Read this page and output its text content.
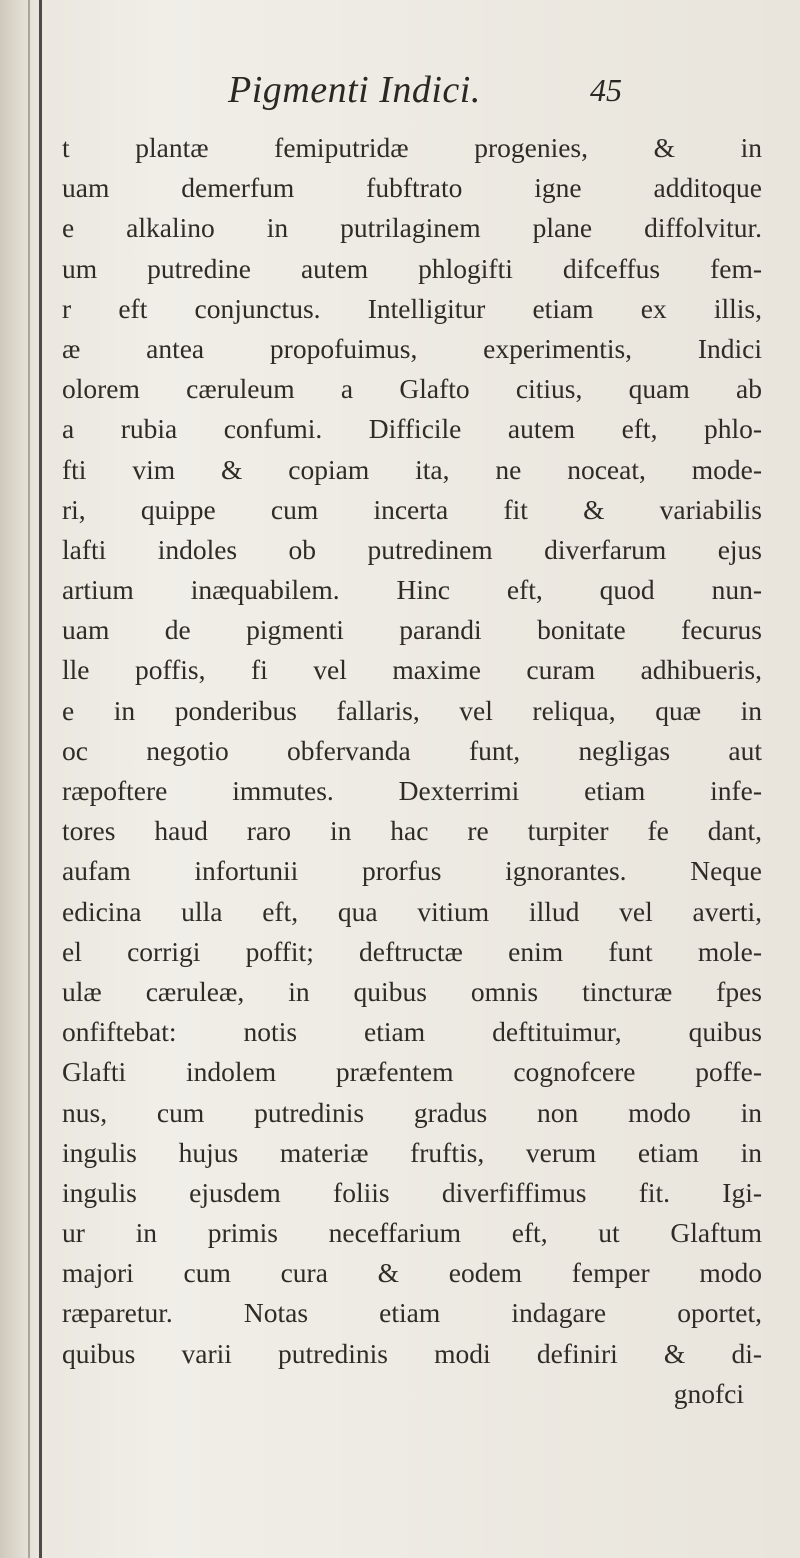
Pigmenti Indici.	45
t plantæ femiputridæ progenies, & in
uam demerfum fubftrato igne additoque
e alkalino in putrilaginem plane diffolvitur.
um putredine autem phlogifti difceffus fem-
r eft conjunctus. Intelligitur etiam ex illis,
æ antea propofuimus, experimentis, Indici
olorem cæruleum a Glafto citius, quam ab
a rubia confumi. Difficile autem eft, phlo-
fti vim & copiam ita, ne noceat, mode-
ri, quippe cum incerta fit & variabilis
lafti indoles ob putredinem diverfarum ejus
artium inæquabilem. Hinc eft, quod nun-
uam de pigmenti parandi bonitate fecurus
lle poffis, fi vel maxime curam adhibueris,
e in ponderibus fallaris, vel reliqua, quæ in
oc negotio obfervanda funt, negligas aut
ræpoftere immutes. Dexterrimi etiam infe-
tores haud raro in hac re turpiter fe dant,
aufam infortunii prorfus ignorantes. Neque
edicina ulla eft, qua vitium illud vel averti,
el corrigi poffit; deftructæ enim funt mole-
ulæ cæruleæ, in quibus omnis tincturæ fpes
onfiftebat: notis etiam deftituimur, quibus
Glafti indolem præfentem cognofcere poffe-
nus, cum putredinis gradus non modo in
ingulis hujus materiæ fruftis, verum etiam in
ingulis ejusdem foliis diverfiffimus fit. Igi-
ur in primis neceffarium eft, ut Glaftum
majori cum cura & eodem femper modo
ræparetur. Notas etiam indagare oportet,
quibus varii putredinis modi definiri & di-
gnofci
